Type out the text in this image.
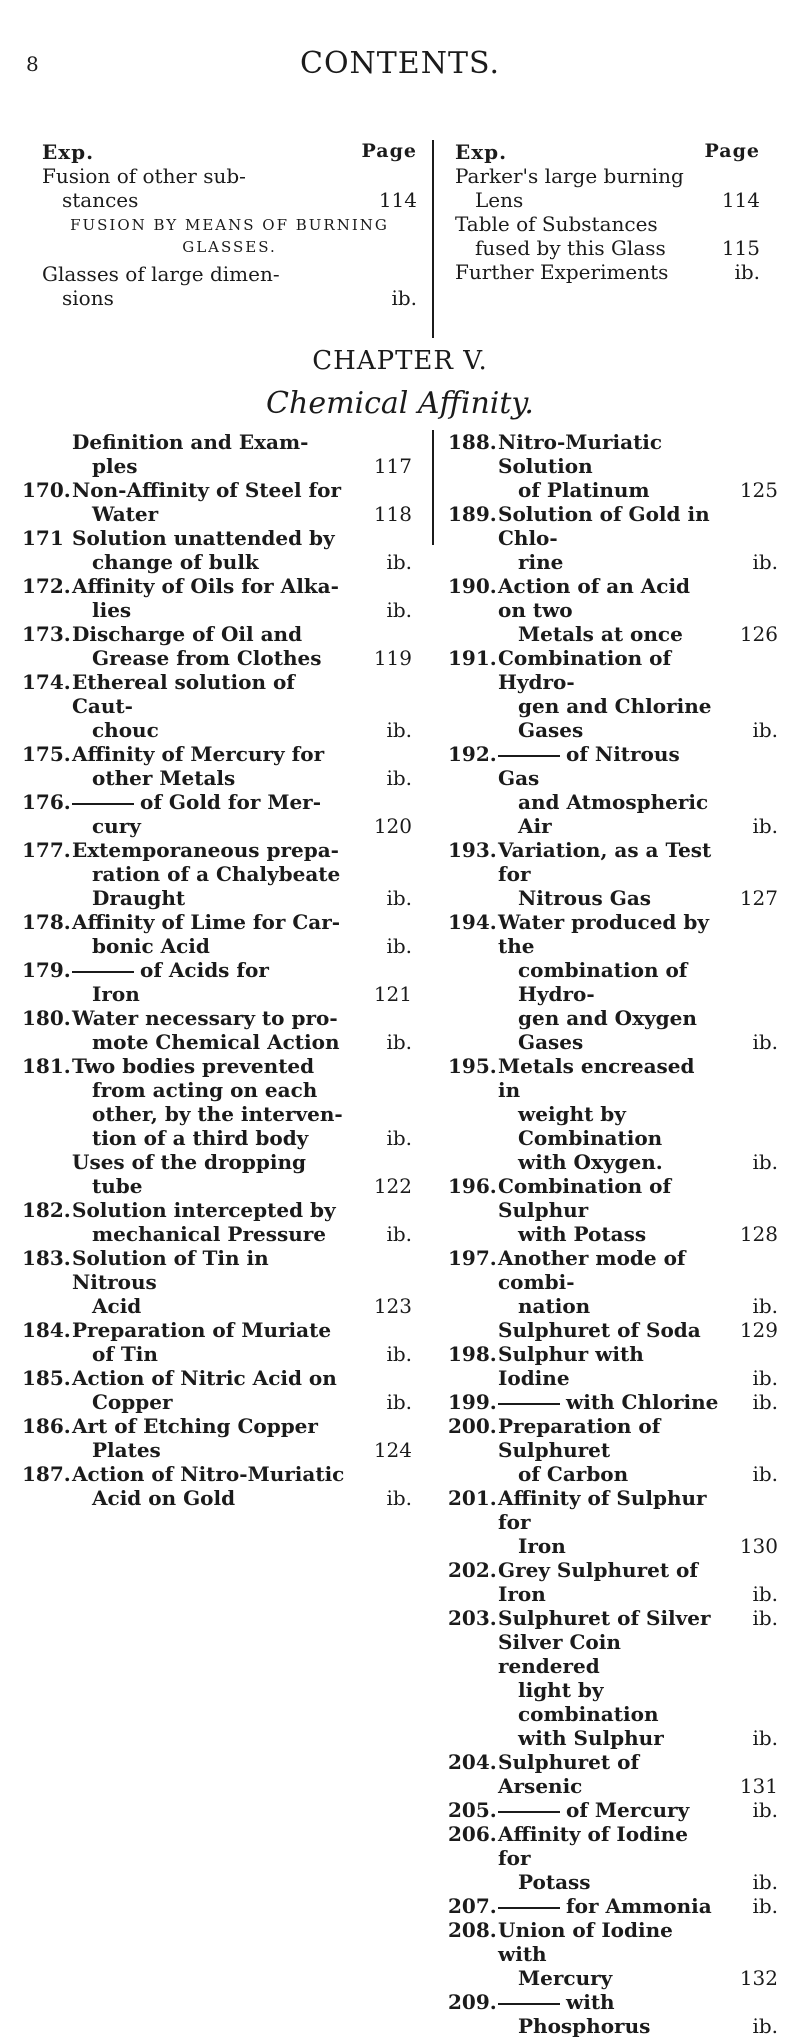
8	CONTENTS.
Exp.	Page
Fusion of other sub-
stances	114
FUSION BY MEANS OF BURNING
GLASSES.
Glasses of large dimen-
sions	ib.
Exp.	Page
Parker's large burning
Lens	114
Table of Substances
fused by this Glass	115
Further Experiments	ib.
CHAPTER V.
Chemical Affinity.
Definition and Exam-
ples	117
170. Non-Affinity of Steel for
Water	118
171 Solution unattended by
change of bulk	ib.
172. Affinity of Oils for Alka-
lies	ib.
173. Discharge of Oil and
Grease from Clothes	119
174. Ethereal solution of Caut-
chouc	ib.
175. Affinity of Mercury for
other Metals	ib.
176.	of Gold for Mer-
cury	120
177. Extemporaneous prepa-
ration of a Chalybeate
Draught	ib.
178. Affinity of Lime for Car-
bonic Acid	ib.
179.	of Acids for
Iron	121
180. Water necessary to pro-
mote Chemical Action	ib.
181. Two bodies prevented
from acting on each
other, by the interven-
tion of a third body	ib.
Uses of the dropping
tube	122
182. Solution intercepted by
mechanical Pressure	ib.
183. Solution of Tin in Nitrous
Acid	123
184. Preparation of Muriate
of Tin	ib.
185. Action of Nitric Acid on
Copper	ib.
186. Art of Etching Copper
Plates	124
187. Action of Nitro-Muriatic
Acid on Gold	ib.
188. Nitro-Muriatic Solution
of Platinum	125
189. Solution of Gold in Chlo-
rine	ib.
190. Action of an Acid on two
Metals at once	126
191. Combination of Hydro-
gen and Chlorine Gases	ib.
192.	of Nitrous Gas
and Atmospheric Air	ib.
193. Variation, as a Test for
Nitrous Gas	127
194. Water produced by the
combination of Hydro-
gen and Oxygen Gases	ib.
195. Metals encreased in
weight by Combination
with Oxygen.	ib.
196. Combination of Sulphur
with Potass	128
197. Another mode of combi-
nation	ib.
Sulphuret of Soda	129
198. Sulphur with Iodine	ib.
199.	with Chlorine	ib.
200. Preparation of Sulphuret
of Carbon	ib.
201. Affinity of Sulphur for
Iron	130
202. Grey Sulphuret of Iron	ib.
203. Sulphuret of Silver	ib.
Silver Coin rendered
light by combination
with Sulphur	ib.
204. Sulphuret of Arsenic	131
205.	of Mercury	ib.
206. Affinity of Iodine for
Potass	ib.
207.	for Ammonia	ib.
208. Union of Iodine with
Mercury	132
209.	with
Phosphorus	ib.
